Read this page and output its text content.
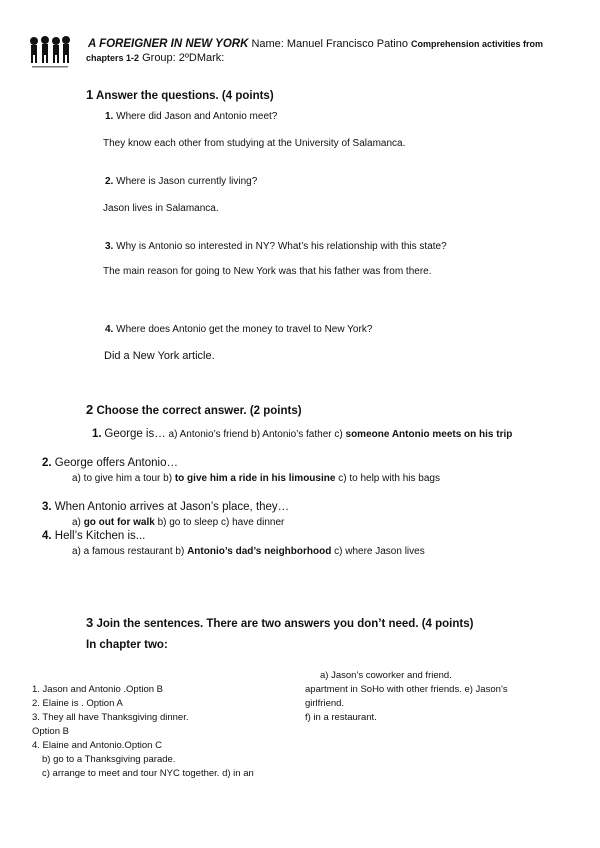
A FOREIGNER IN NEW YORK Name: Manuel Francisco Patino Comprehension activities from
chapters 1-2 Group: 2ºDMark:
1 Answer the questions. (4 points)
1. Where did Jason and Antonio meet?
They know each other from studying at the University of Salamanca.
2. Where is Jason currently living?
Jason lives in Salamanca.
3. Why is Antonio so interested in NY? What’s his relationship with this state?
The main reason for going to New York was that his father was from there.
4. Where does Antonio get the money to travel to New York?
Did a New York article.
2 Choose the correct answer. (2 points)
1. George is… a) Antonio’s friend b) Antonio’s father c) someone Antonio meets on his trip
2. George offers Antonio…
a) to give him a tour b) to give him a ride in his limousine c) to help with his bags
3. When Antonio arrives at Jason’s place, they…
a) go out for walk b) go to sleep c) have dinner
4. Hell’s Kitchen is...
a) a famous restaurant b) Antonio’s dad’s neighborhood c) where Jason lives
3 Join the sentences. There are two answers you don’t need. (4 points)
In chapter two:
1. Jason and Antonio .Option B
2. Elaine is . Option A
3. They all have Thanksgiving dinner.
Option B
4. Elaine and Antonio.Option C
b) go to a Thanksgiving parade.
c) arrange to meet and tour NYC together. d) in an
a) Jason’s coworker and friend.
apartment in SoHo with other friends. e) Jason’s
girlfriend.
f) in a restaurant.
